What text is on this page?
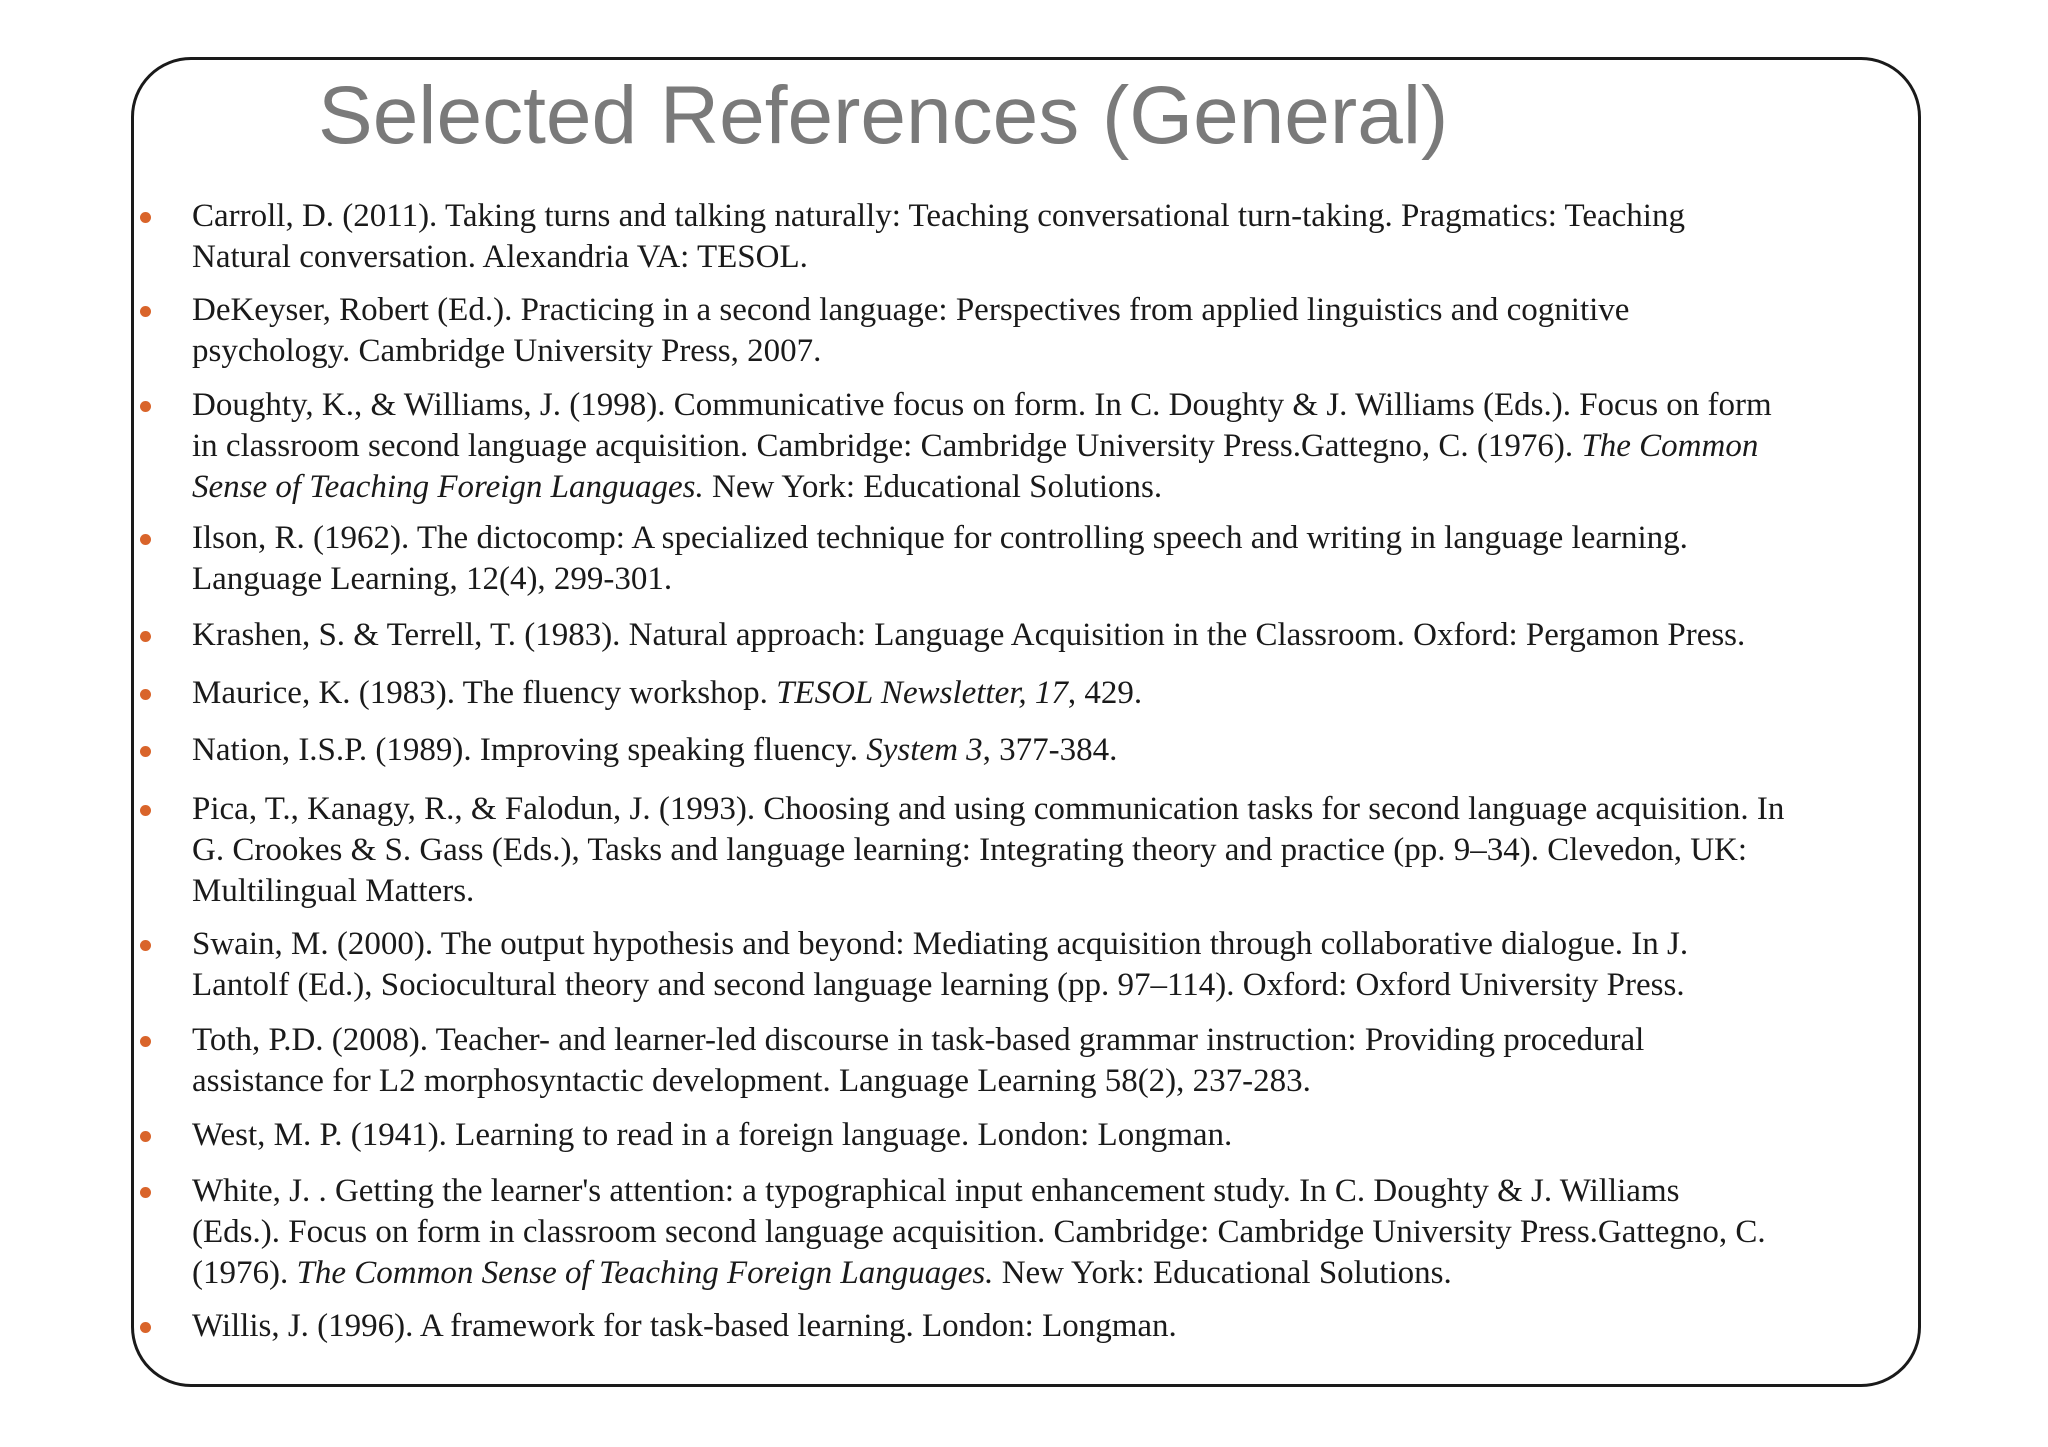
Selected References (General)
Carroll, D. (2011). Taking turns and talking naturally: Teaching conversational turn-taking. Pragmatics: Teaching
Natural conversation. Alexandria VA: TESOL.
DeKeyser, Robert (Ed.). Practicing in a second language: Perspectives from applied linguistics and cognitive
psychology. Cambridge University Press, 2007.
Doughty, K., & Williams, J. (1998). Communicative focus on form. In C. Doughty & J. Williams (Eds.). Focus on form
in classroom second language acquisition. Cambridge: Cambridge University Press.Gattegno, C. (1976). The Common
Sense of Teaching Foreign Languages. New York: Educational Solutions.
Ilson, R. (1962). The dictocomp: A specialized technique for controlling speech and writing in language learning.
Language Learning, 12(4), 299-301.
Krashen, S. & Terrell, T. (1983). Natural approach: Language Acquisition in the Classroom. Oxford: Pergamon Press.
Maurice, K. (1983). The fluency workshop. TESOL Newsletter, 17, 429.
Nation, I.S.P. (1989). Improving speaking fluency. System 3, 377-384.
Pica, T., Kanagy, R., & Falodun, J. (1993). Choosing and using communication tasks for second language acquisition. In
G. Crookes & S. Gass (Eds.), Tasks and language learning: Integrating theory and practice (pp. 9–34). Clevedon, UK:
Multilingual Matters.
Swain, M. (2000). The output hypothesis and beyond: Mediating acquisition through collaborative dialogue. In J.
Lantolf (Ed.), Sociocultural theory and second language learning (pp. 97–114). Oxford: Oxford University Press.
Toth, P.D. (2008). Teacher- and learner-led discourse in task-based grammar instruction: Providing procedural
assistance for L2 morphosyntactic development. Language Learning 58(2), 237-283.
West, M. P. (1941). Learning to read in a foreign language. London: Longman.
White, J. . Getting the learner's attention: a typographical input enhancement study. In C. Doughty & J. Williams
(Eds.). Focus on form in classroom second language acquisition. Cambridge: Cambridge University Press.Gattegno, C.
(1976). The Common Sense of Teaching Foreign Languages. New York: Educational Solutions.
Willis, J. (1996). A framework for task-based learning. London: Longman.
